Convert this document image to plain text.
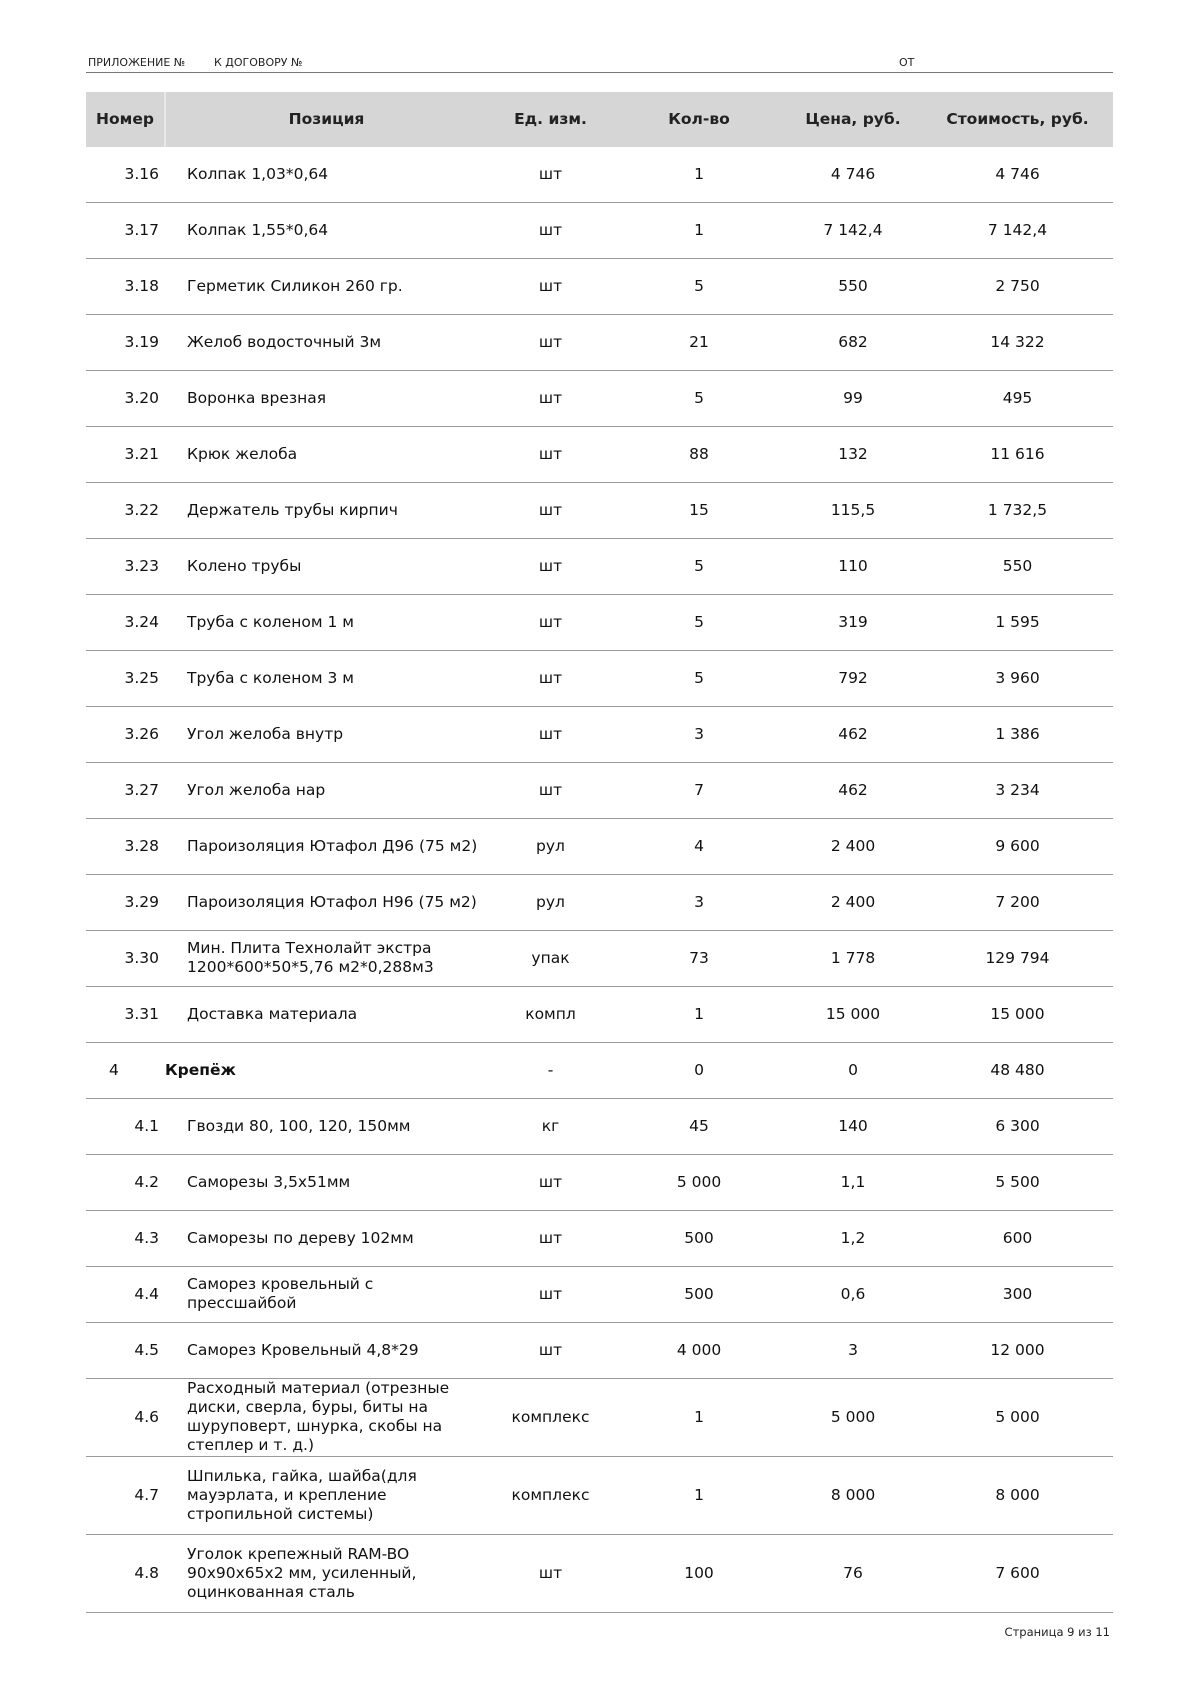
ПРИЛОЖЕНИЕ №	К ДОГОВОРУ №	ОТ
Номер	Позиция	Ед. изм.	Кол-во	Цена, руб.	Стоимость, руб.
3.16	Колпак 1,03*0,64	шт	1	4 746	4 746
3.17	Колпак 1,55*0,64	шт	1	7 142,4	7 142,4
3.18	Герметик Силикон 260 гр.	шт	5	550	2 750
3.19	Желоб водосточный 3м	шт	21	682	14 322
3.20	Воронка врезная	шт	5	99	495
3.21	Крюк желоба	шт	88	132	11 616
3.22	Держатель трубы кирпич	шт	15	115,5	1 732,5
3.23	Колено трубы	шт	5	110	550
3.24	Труба с коленом 1 м	шт	5	319	1 595
3.25	Труба с коленом 3 м	шт	5	792	3 960
3.26	Угол желоба внутр	шт	3	462	1 386
3.27	Угол желоба нар	шт	7	462	3 234
3.28	Пароизоляция Ютафол Д96 (75 м2)	рул	4	2 400	9 600
3.29	Пароизоляция Ютафол Н96 (75 м2)	рул	3	2 400	7 200
3.30	Мин. Плита Технолайт экстра 1200*600*50*5,76 м2*0,288м3	упак	73	1 778	129 794
3.31	Доставка материала	компл	1	15 000	15 000
4	Крепёж	-	0	0	48 480
4.1	Гвозди 80, 100, 120, 150мм	кг	45	140	6 300
4.2	Саморезы 3,5х51мм	шт	5 000	1,1	5 500
4.3	Саморезы по дереву 102мм	шт	500	1,2	600
4.4	Саморез кровельный с прессшайбой	шт	500	0,6	300
4.5	Саморез Кровельный 4,8*29	шт	4 000	3	12 000
4.6	Расходный материал (отрезные диски, сверла, буры, биты на шуруповерт, шнурка, скобы на степлер и т. д.)	комплекс	1	5 000	5 000
4.7	Шпилька, гайка, шайба(для мауэрлата, и крепление стропильной системы)	комплекс	1	8 000	8 000
4.8	Уголок крепежный RAM-BO 90х90х65х2 мм, усиленный, оцинкованная сталь	шт	100	76	7 600
Страница 9 из 11
